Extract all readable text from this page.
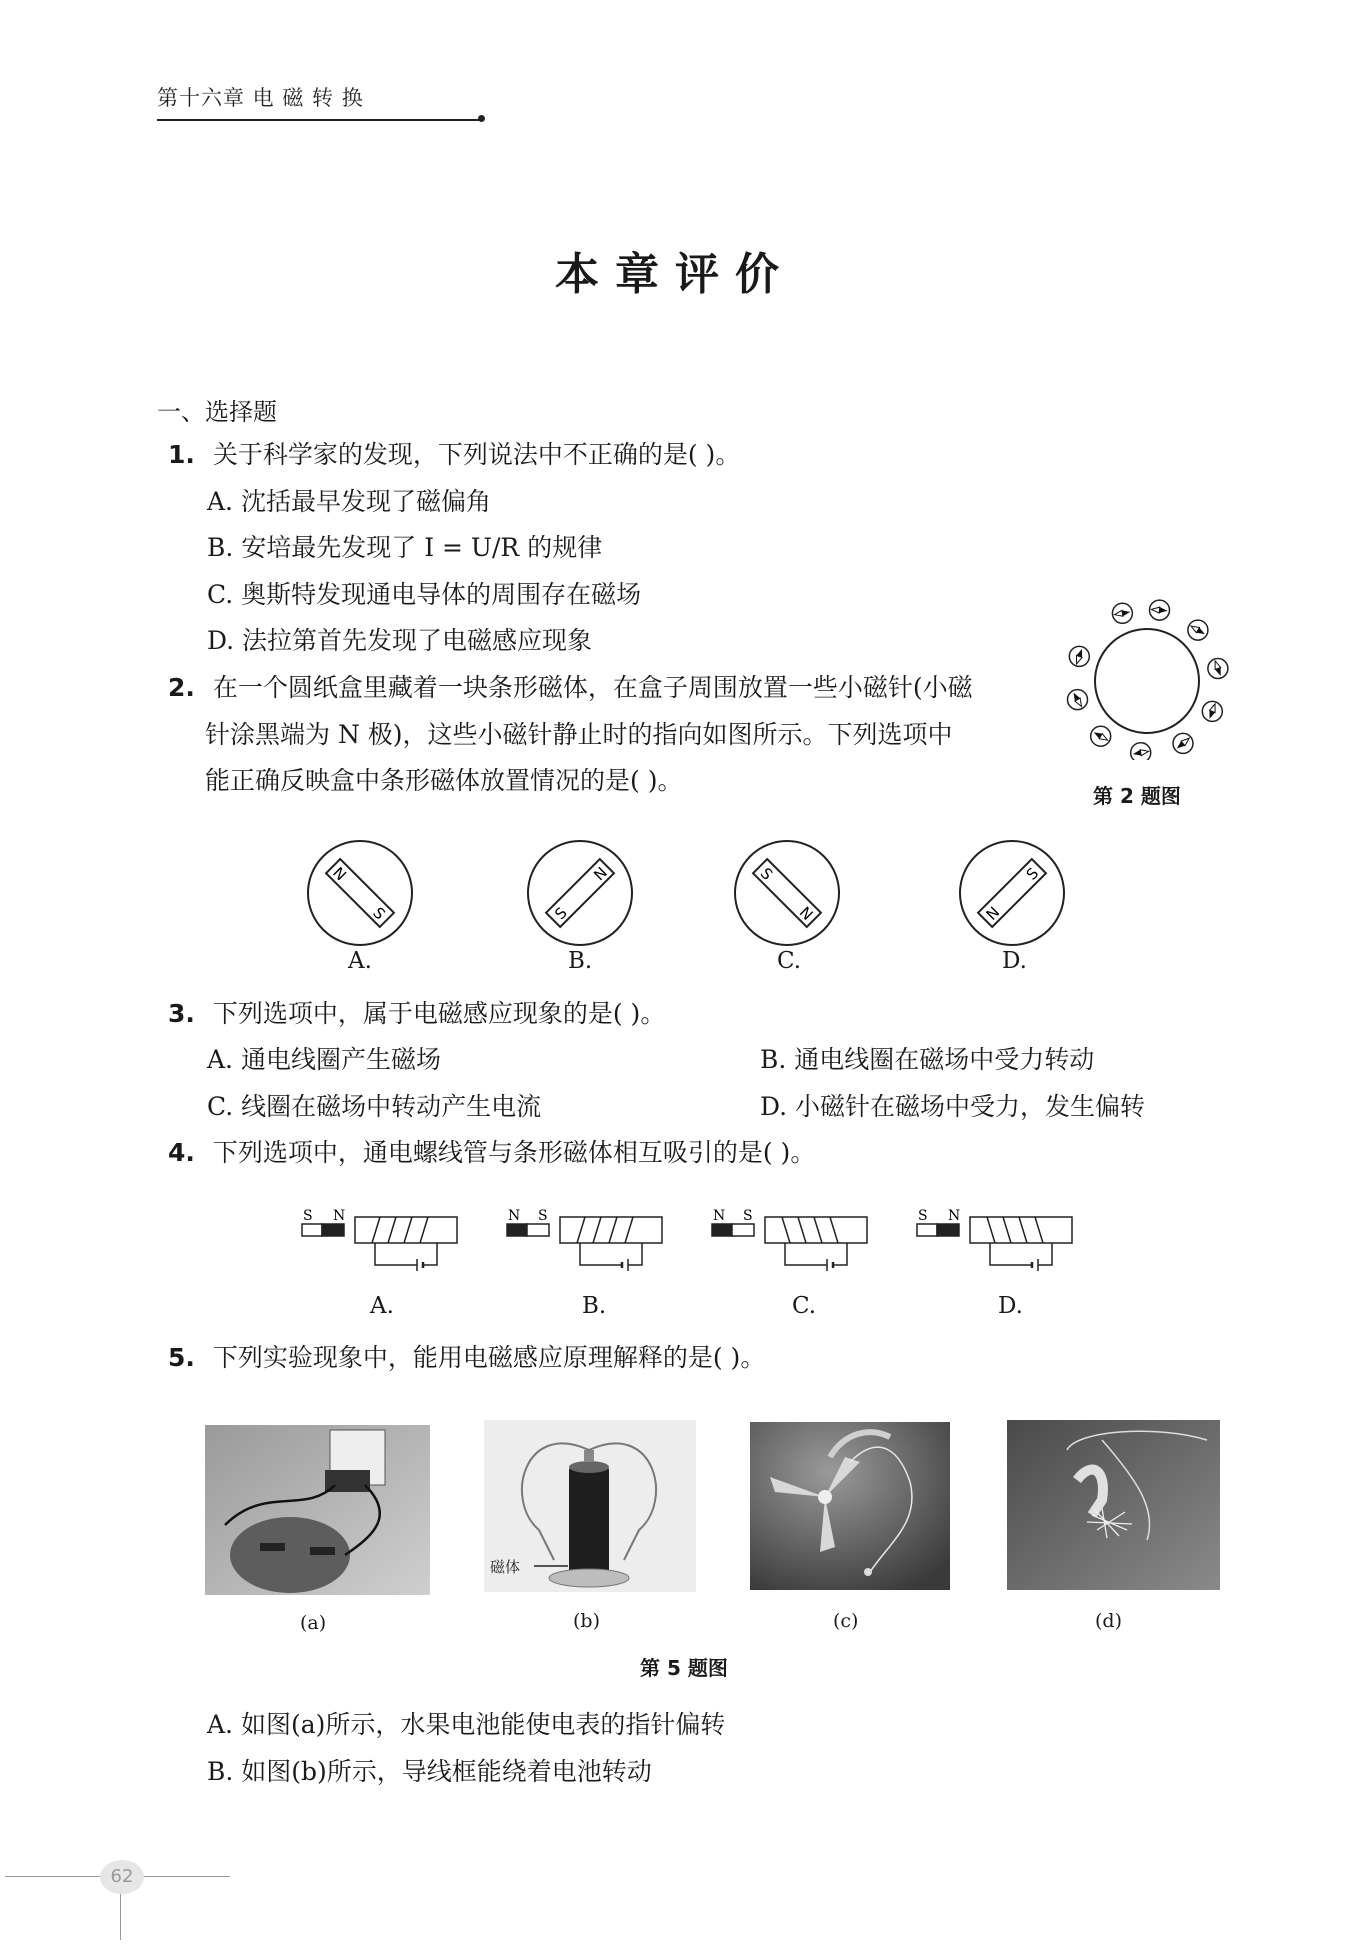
第十六章 电 磁 转 换
本章评价
一、选择题
1. 关于科学家的发现，下列说法中不正确的是( )。
A. 沈括最早发现了磁偏角
B. 安培最先发现了 I = U/R 的规律
C. 奥斯特发现通电导体的周围存在磁场
D. 法拉第首先发现了电磁感应现象
2. 在一个圆纸盒里藏着一块条形磁体，在盒子周围放置一些小磁针(小磁
针涂黑端为 N 极)，这些小磁针静止时的指向如图所示。下列选项中
能正确反映盒中条形磁体放置情况的是( )。
第 2 题图
N
S
N
S
S
N
S
N
A.	B.	C.	D.
3. 下列选项中，属于电磁感应现象的是( )。
A. 通电线圈产生磁场	B. 通电线圈在磁场中受力转动
C. 线圈在磁场中转动产生电流	D. 小磁针在磁场中受力，发生偏转
4. 下列选项中，通电螺线管与条形磁体相互吸引的是( )。
S N	N S	N S	S N
A.	B.	C.	D.
5. 下列实验现象中，能用电磁感应原理解释的是( )。
磁体
(a)	(b)	(c)	(d)
第 5 题图
A. 如图(a)所示，水果电池能使电表的指针偏转
B. 如图(b)所示，导线框能绕着电池转动
62
